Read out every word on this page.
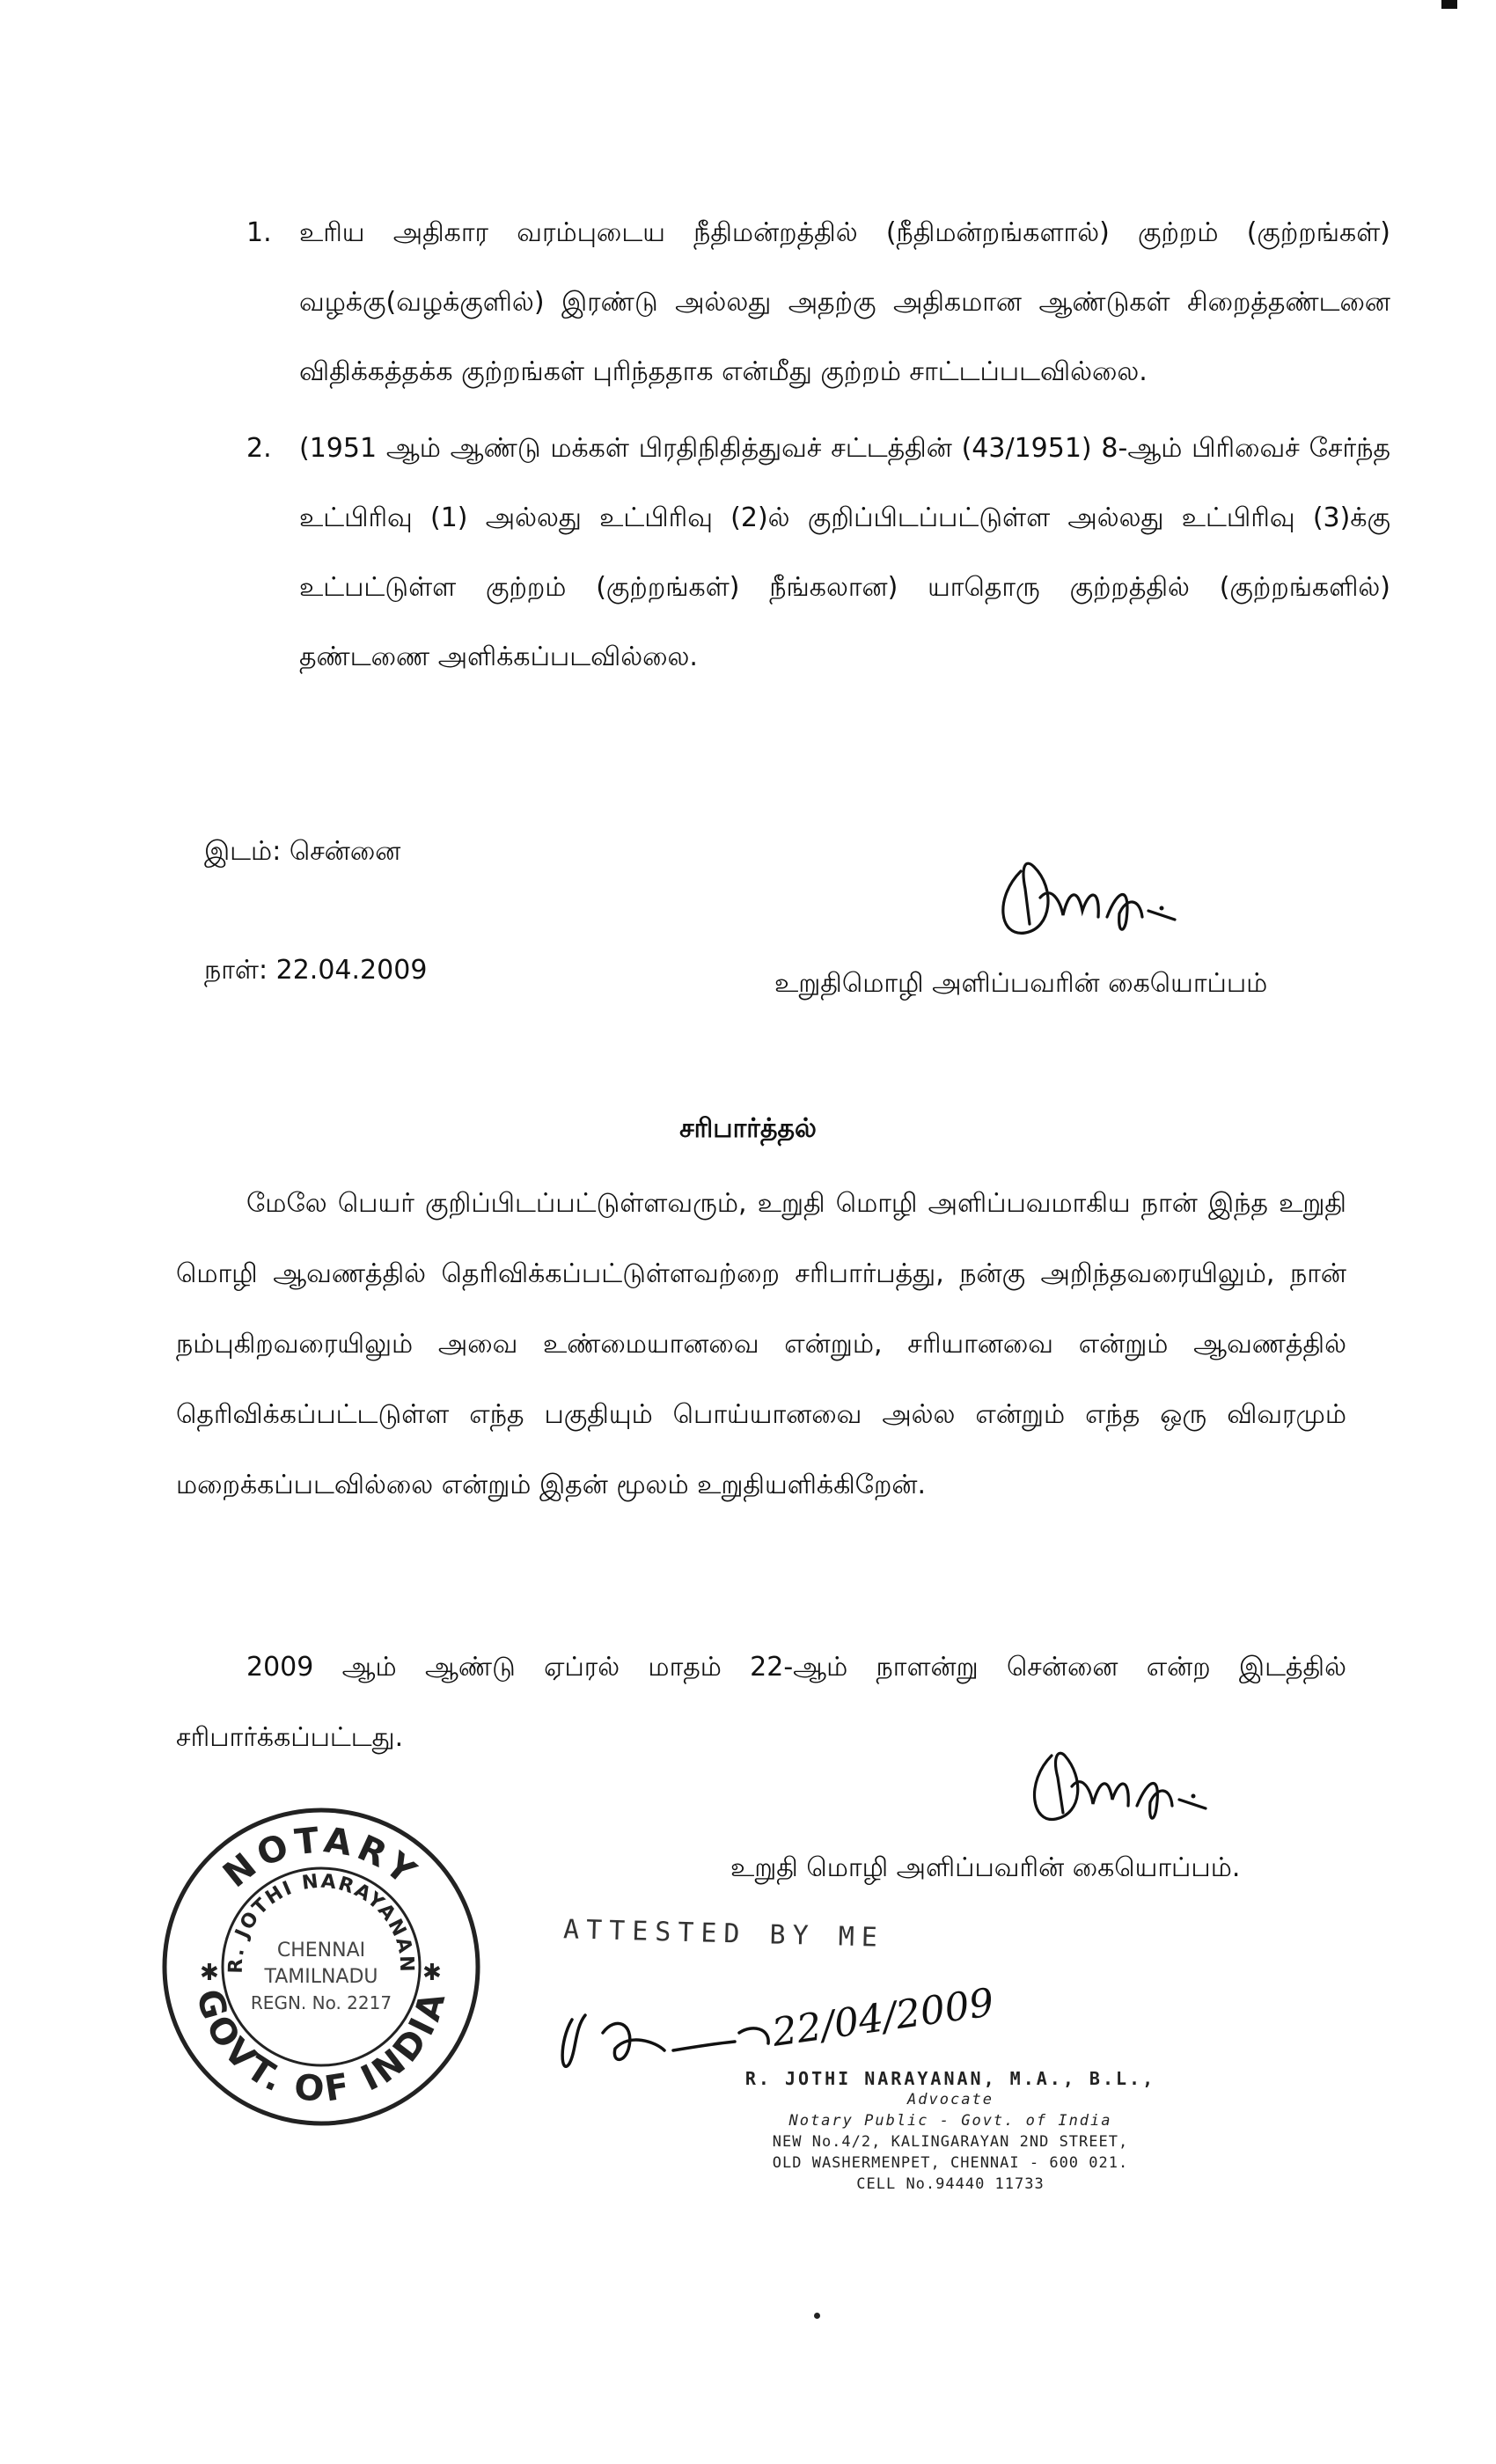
1. உரிய அதிகார வரம்புடைய நீதிமன்றத்தில் (நீதிமன்றங்களால்) குற்றம் (குற்றங்கள்) வழக்கு(வழக்குளில்) இரண்டு அல்லது அதற்கு அதிகமான ஆண்டுகள் சிறைத்தண்டனை விதிக்கத்தக்க குற்றங்கள் புரிந்ததாக என்மீது குற்றம் சாட்டப்படவில்லை.
2. (1951 ஆம் ஆண்டு மக்கள் பிரதிநிதித்துவச் சட்டத்தின் (43/1951) 8-ஆம் பிரிவைச் சேர்ந்த உட்பிரிவு (1) அல்லது உட்பிரிவு (2)ல் குறிப்பிடப்பட்டுள்ள அல்லது உட்பிரிவு (3)க்கு உட்பட்டுள்ள குற்றம் (குற்றங்கள்) நீங்கலான) யாதொரு குற்றத்தில் (குற்றங்களில்) தண்டணை அளிக்கப்படவில்லை.
இடம்: சென்னை
நாள்: 22.04.2009	உறுதிமொழி அளிப்பவரின் கையொப்பம்
சரிபார்த்தல்

மேலே பெயர் குறிப்பிடப்பட்டுள்ளவரும், உறுதி மொழி அளிப்பவமாகிய நான் இந்த உறுதி மொழி ஆவணத்தில் தெரிவிக்கப்பட்டுள்ளவற்றை சரிபார்பத்து, நன்கு அறிந்தவரையிலும், நான் நம்புகிறவரையிலும் அவை உண்மையானவை என்றும், சரியானவை என்றும் ஆவணத்தில் தெரிவிக்கப்பட்டடுள்ள எந்த பகுதியும் பொய்யானவை அல்ல என்றும் எந்த ஒரு விவரமும் மறைக்கப்படவில்லை என்றும் இதன் மூலம் உறுதியளிக்கிறேன்.

2009 ஆம் ஆண்டு ஏப்ரல் மாதம் 22-ஆம் நாளன்று சென்னை என்ற இடத்தில் சரிபார்க்கப்பட்டது.

உறுதி மொழி அளிப்பவரின் கையொப்பம்.
NOTARY
R. JOTHI NARAYANAN
GOVT. OF INDIA
CHENNAI
TAMILNADU
REGN. No. 2217
✱	✱
ATTESTED BY ME
22/04/2009
R. JOTHI NARAYANAN, M.A., B.L.,
Advocate
Notary Public - Govt. of India
NEW No.4/2, KALINGARAYAN 2ND STREET,
OLD WASHERMENPET, CHENNAI - 600 021.
CELL No.94440 11733
